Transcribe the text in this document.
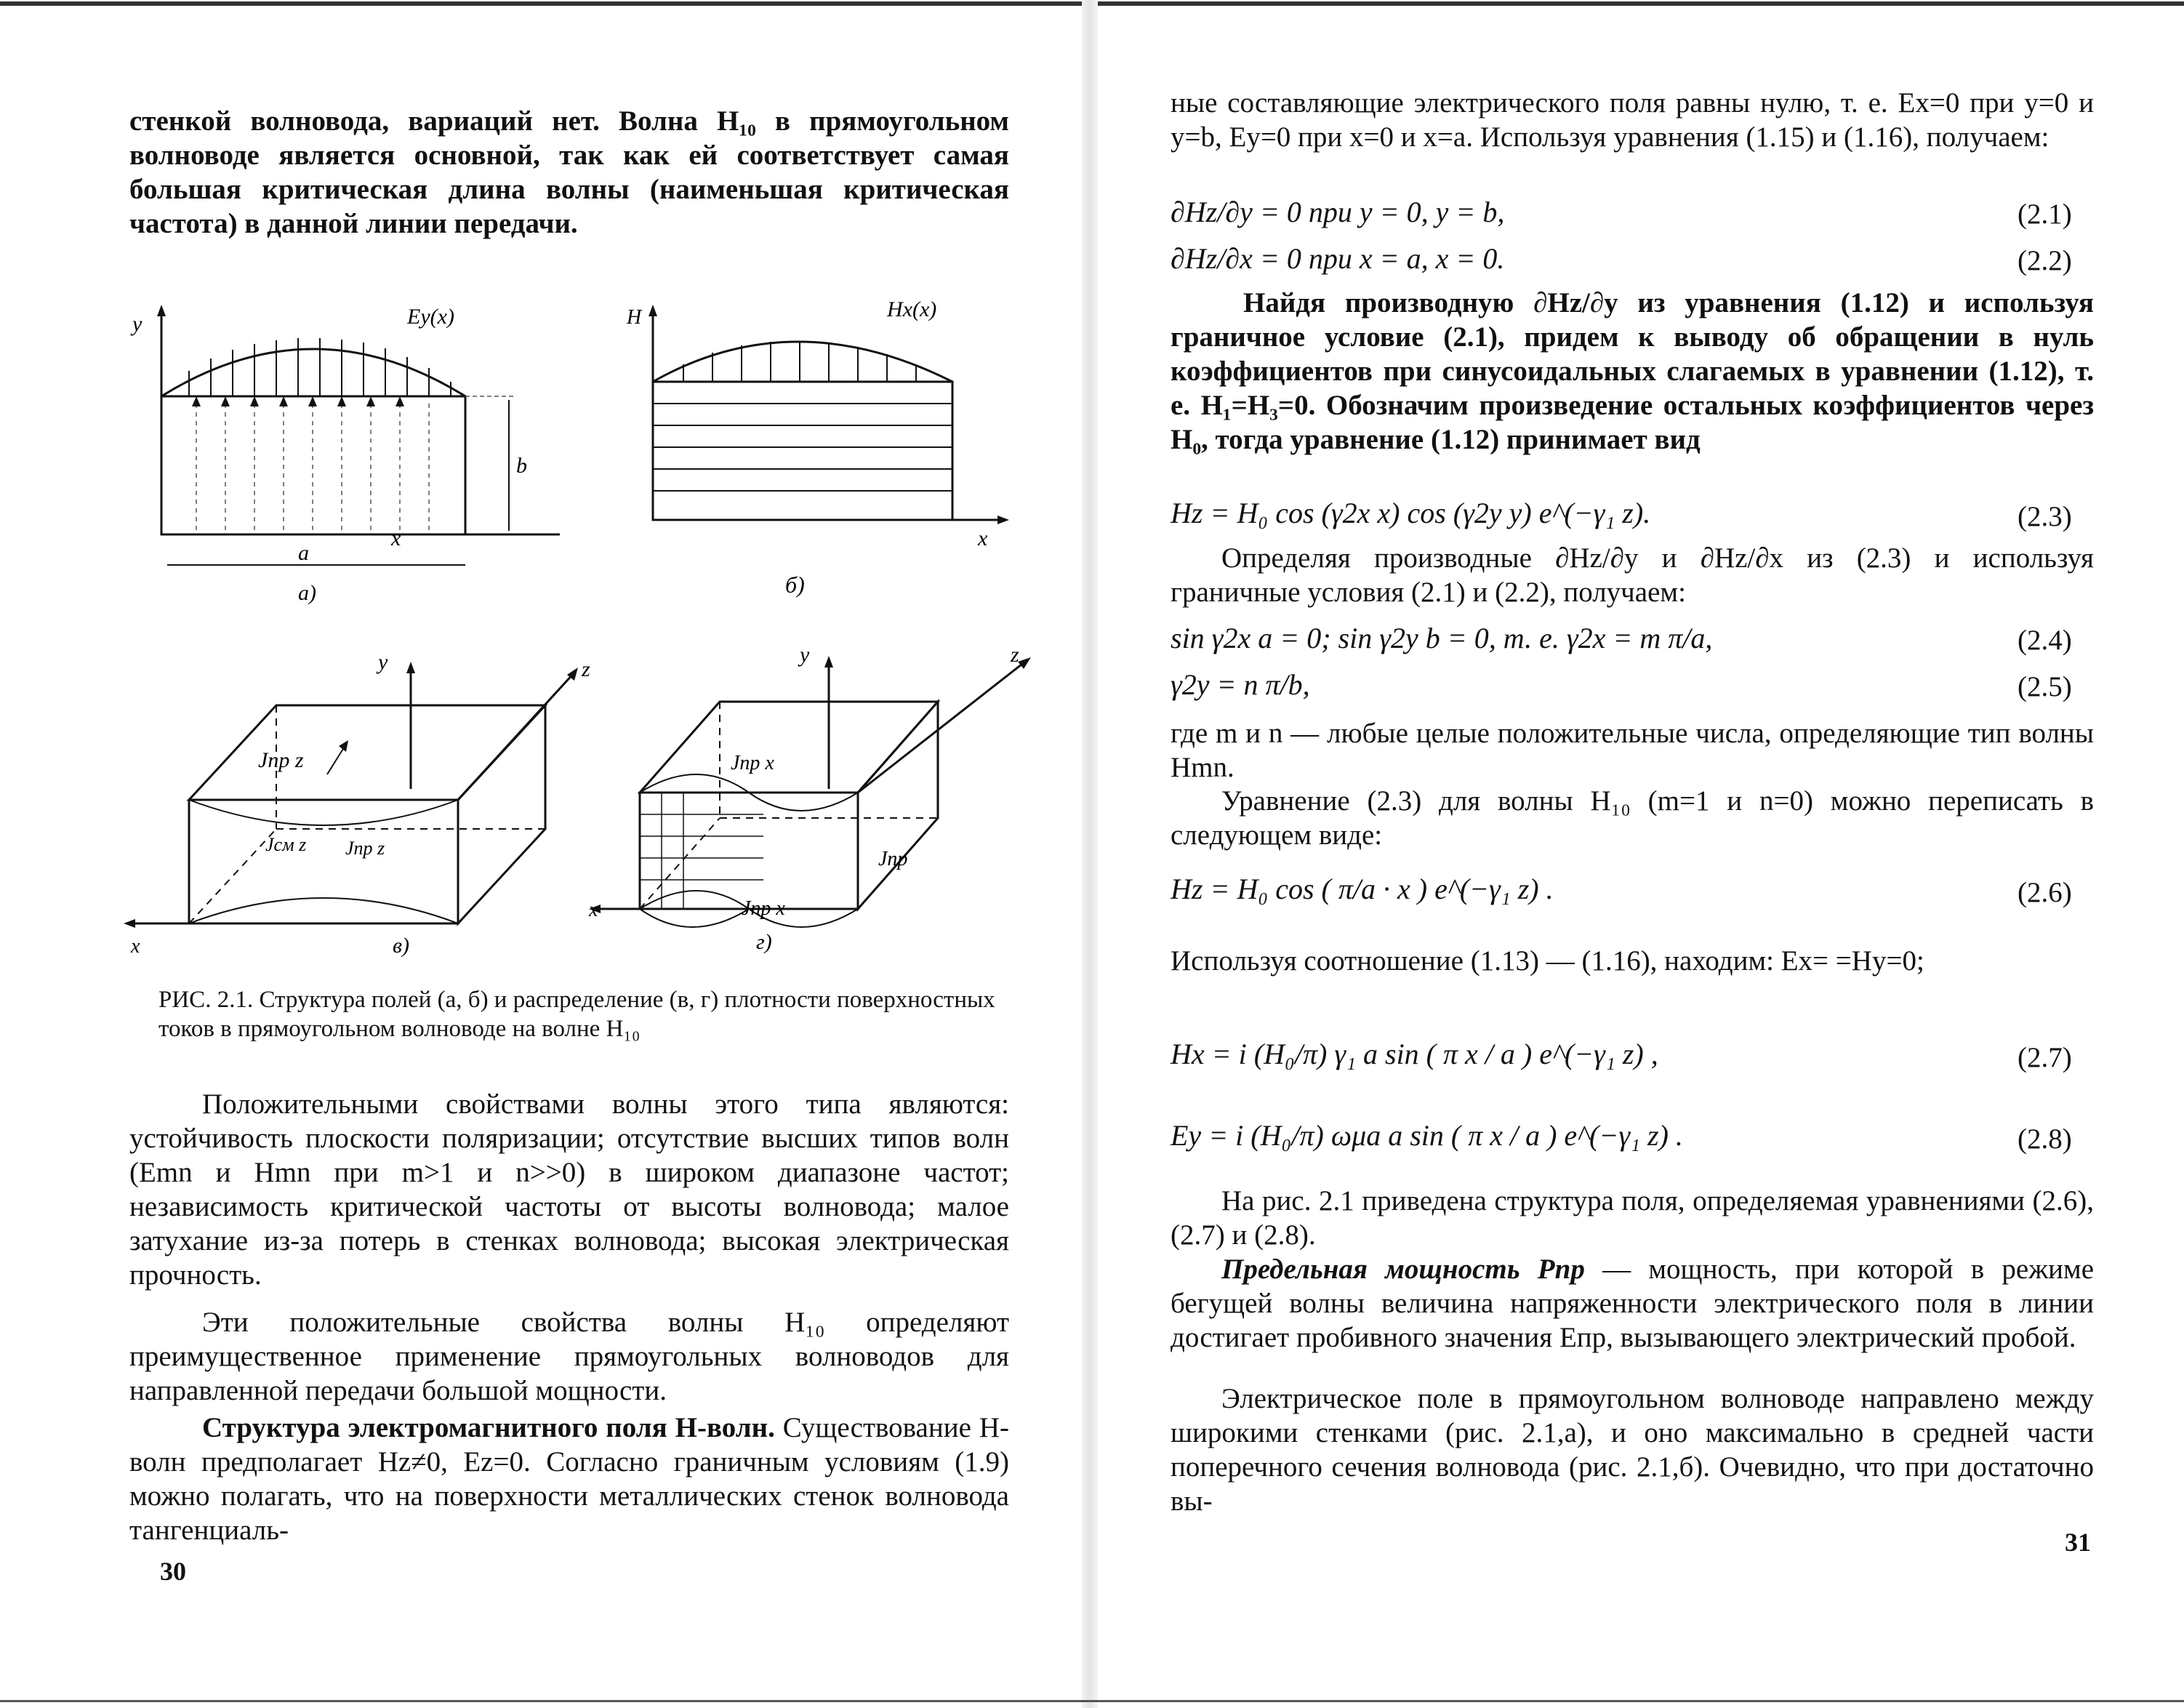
стенкой волновода, вариаций нет. Волна H₁₀ в прямоугольном волноводе является основной, так как ей соответствует самая большая критическая длина волны (наименьшая критическая частота) в данной линии передачи.

y	Ey(x)
b
x
a
а)
H	Hx(x)
x
б)
y	z
x
Jпр z
Jсм z Jпр z
в)
y	z
x
Jпр x
Jпр x
Jпр
г)
РИС. 2.1. Структура полей (а, б) и распределение (в, г) плотности поверхностных токов в прямоугольном волноводе на волне H₁₀

Положительными свойствами волны этого типа являются: устойчивость плоскости поляризации; отсутствие высших типов волн (Emn и Hmn при m>1 и n>>0) в широком диапазоне частот; независимость критической частоты от высоты волновода; малое затухание из-за потерь в стенках волновода; высокая электрическая прочность.

Эти положительные свойства волны H₁₀ определяют преимущественное применение прямоугольных волноводов для направленной передачи большой мощности.

Структура электромагнитного поля H-волн. Существование H-волн предполагает Hz≠0, Ez=0. Согласно граничным условиям (1.9) можно полагать, что на поверхности металлических стенок волновода тангенциаль-

30

ные составляющие электрического поля равны нулю, т. е. Ex=0 при y=0 и y=b, Ey=0 при x=0 и x=a. Используя уравнения (1.15) и (1.16), получаем:

∂Hz/∂y = 0 при y = 0, y = b,	(2.1)
∂Hz/∂x = 0 при x = a, x = 0.	(2.2)

Найдя производную ∂Hz/∂y из уравнения (1.12) и используя граничное условие (2.1), придем к выводу об обращении в нуль коэффициентов при синусоидальных слагаемых в уравнении (1.12), т. е. H₁=H₃=0. Обозначим произведение остальных коэффициентов через H₀, тогда уравнение (1.12) принимает вид

Hz = H₀ cos (γ2x x) cos (γ2y y) e^(−γ₁ z).	(2.3)

Определяя производные ∂Hz/∂y и ∂Hz/∂x из (2.3) и используя граничные условия (2.1) и (2.2), получаем:

sin γ2x a = 0; sin γ2y b = 0, т. е. γ2x = m π/a,	(2.4)
γ2y = n π/b,	(2.5)

где m и n — любые целые положительные числа, определяющие тип волны Hmn.

Уравнение (2.3) для волны H₁₀ (m=1 и n=0) можно переписать в следующем виде:

Hz = H₀ cos ( π/a · x ) e^(−γ₁ z) .	(2.6)

Используя соотношение (1.13) — (1.16), находим: Ex= =Hy=0;

Hx = i (H₀/π) γ₁ a sin ( π x / a ) e^(−γ₁ z) ,	(2.7)
Ey = i (H₀/π) ωμa a sin ( π x / a ) e^(−γ₁ z) .	(2.8)

На рис. 2.1 приведена структура поля, определяемая уравнениями (2.6), (2.7) и (2.8).

Предельная мощность Pпр — мощность, при которой в режиме бегущей волны величина напряженности электрического поля в линии достигает пробивного значения Eпр, вызывающего электрический пробой.

Электрическое поле в прямоугольном волноводе направлено между широкими стенками (рис. 2.1,а), и оно максимально в средней части поперечного сечения волновода (рис. 2.1,б). Очевидно, что при достаточно вы-

31
